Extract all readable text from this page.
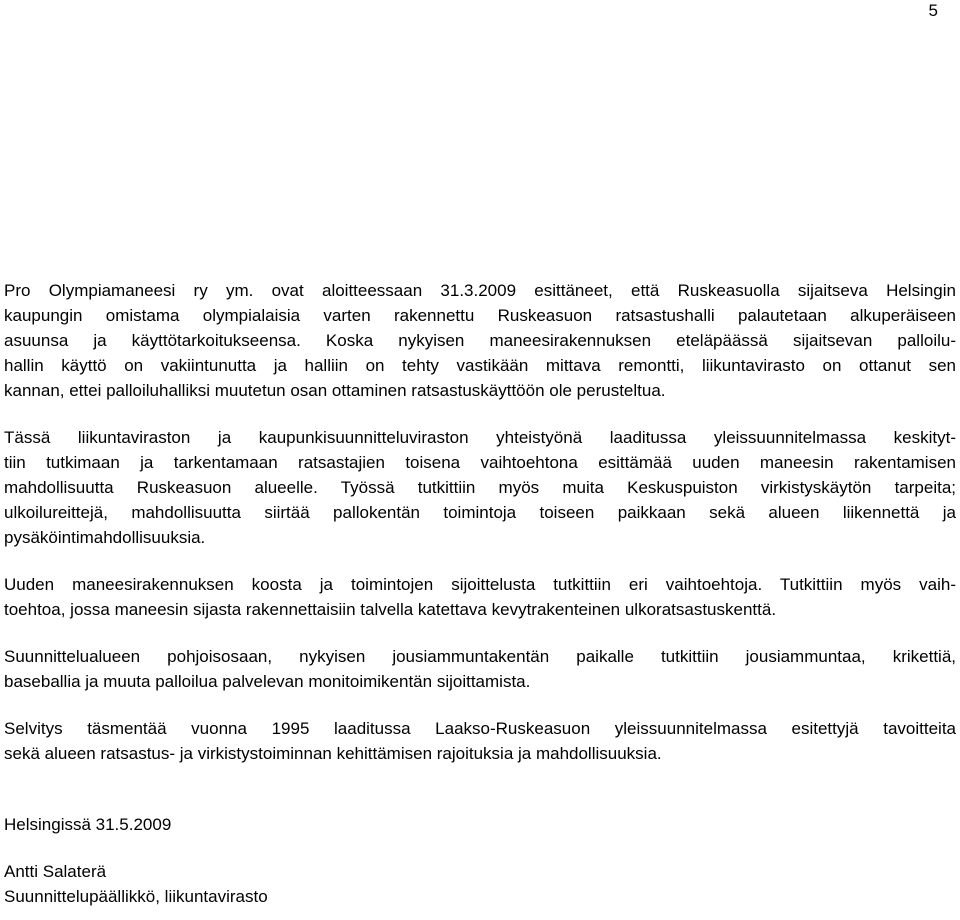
5

Pro Olympiamaneesi ry ym. ovat aloitteessaan 31.3.2009 esittäneet, että Ruskeasuolla sijaitseva Helsingin
kaupungin omistama olympialaisia varten rakennettu Ruskeasuon ratsastushalli palautetaan alkuperäiseen
asuunsa ja käyttötarkoitukseensa. Koska nykyisen maneesirakennuksen eteläpäässä sijaitsevan palloilu-
hallin käyttö on vakiintunutta ja halliin on tehty vastikään mittava remontti, liikuntavirasto on ottanut sen
kannan, ettei palloiluhalliksi muutetun osan ottaminen ratsastuskäyttöön ole perusteltua.

Tässä liikuntaviraston ja kaupunkisuunnitteluviraston yhteistyönä laaditussa yleissuunnitelmassa keskityt-
tiin tutkimaan ja tarkentamaan ratsastajien toisena vaihtoehtona esittämää uuden maneesin rakentamisen
mahdollisuutta Ruskeasuon alueelle. Työssä tutkittiin myös muita Keskuspuiston virkistyskäytön tarpeita;
ulkoilureittejä, mahdollisuutta siirtää pallokentän toimintoja toiseen paikkaan sekä alueen liikennettä ja
pysäköintimahdollisuuksia.

Uuden maneesirakennuksen koosta ja toimintojen sijoittelusta tutkittiin eri vaihtoehtoja. Tutkittiin myös vaih-
toehtoa, jossa maneesin sijasta rakennettaisiin talvella katettava kevytrakenteinen ulkoratsastuskenttä.

Suunnittelualueen pohjoisosaan, nykyisen jousiammuntakentän paikalle tutkittiin jousiammuntaa, krikettiä,
baseballia ja muuta palloilua palvelevan monitoimikentän sijoittamista.

Selvitys täsmentää vuonna 1995 laaditussa Laakso-Ruskeasuon yleissuunnitelmassa esitettyjä tavoitteita
sekä alueen ratsastus- ja virkistystoiminnan kehittämisen rajoituksia ja mahdollisuuksia.

Helsingissä 31.5.2009
Antti Salaterä
Suunnittelupäällikkö, liikuntavirasto
